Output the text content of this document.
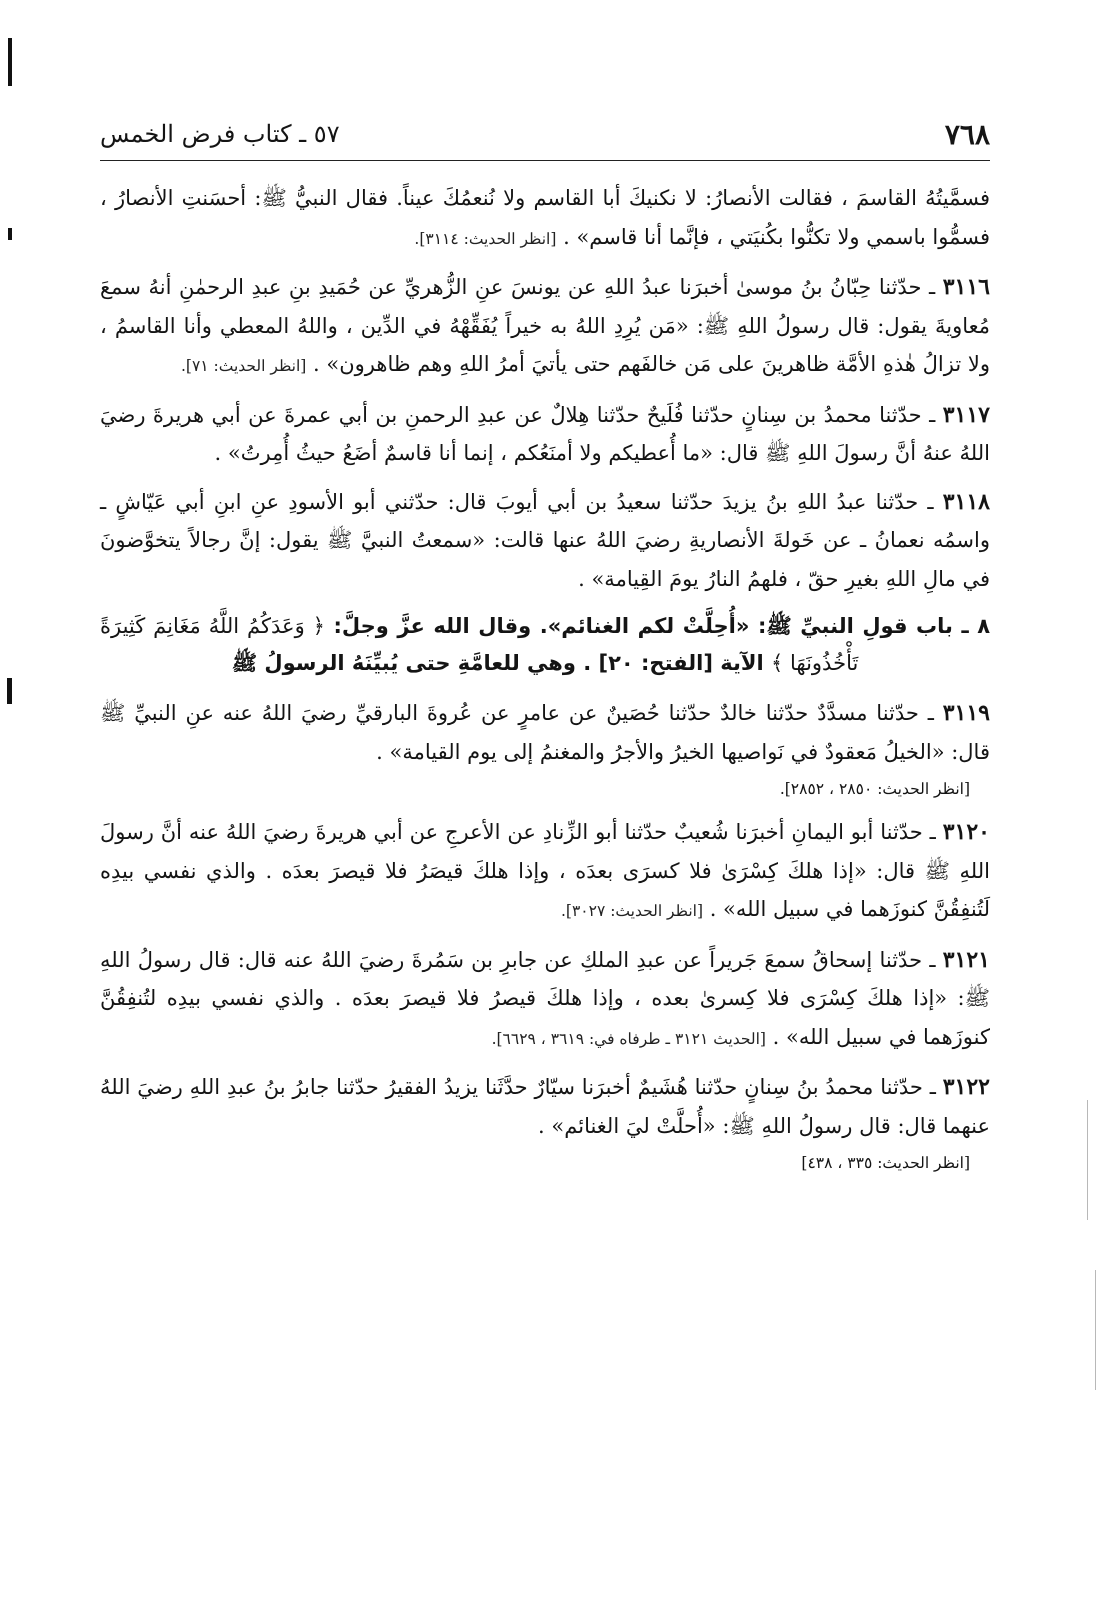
٧٦٨
٥٧ ـ كتاب فرض الخمس

فسمَّيتُهُ القاسمَ ، فقالت الأنصارُ: لا نكنيكَ أبا القاسم ولا نُنعمُكَ عيناً. فقال النبيُّ ﷺ: أحسَنتِ الأنصارُ ، فسمُّوا باسمي ولا تكنُّوا بكُنيَتي ، فإنَّما أنا قاسم» . [انظر الحديث: ٣١١٤].

٣١١٦ ـ حدّثنا حِبّانُ بنُ موسىٰ أخبرَنا عبدُ اللهِ عن يونسَ عنِ الزُّهريِّ عن حُمَيدِ بنِ عبدِ الرحمٰنِ أنهُ سمعَ مُعاويةَ يقول: قال رسولُ اللهِ ﷺ: «مَن يُرِدِ اللهُ به خيراً يُفَقِّهْهُ في الدِّين ، واللهُ المعطي وأنا القاسمُ ، ولا تزالُ هٰذهِ الأمَّة ظاهرينَ على مَن خالفَهم حتى يأتيَ أمرُ اللهِ وهم ظاهرون» . [انظر الحديث: ٧١].

٣١١٧ ـ حدّثنا محمدُ بن سِنانٍ حدّثنا فُلَيحٌ حدّثنا هِلالٌ عن عبدِ الرحمنِ بن أبي عمرةَ عن أبي هريرةَ رضيَ اللهُ عنهُ أنَّ رسولَ اللهِ ﷺ قال: «ما أُعطيكم ولا أمنَعُكم ، إنما أنا قاسمٌ أضَعُ حيثُ أُمِرتُ» .

٣١١٨ ـ حدّثنا عبدُ اللهِ بنُ يزيدَ حدّثنا سعيدُ بن أبي أيوبَ قال: حدّثني أبو الأسودِ عنِ ابنِ أبي عَيّاشٍ ـ واسمُه نعمانُ ـ عن خَولةَ الأنصاريةِ رضيَ اللهُ عنها قالت: «سمعتُ النبيَّ ﷺ يقول: إنَّ رجالاً يتخوَّضونَ في مالِ اللهِ بغيرِ حقّ ، فلهمُ النارُ يومَ القِيامة» .

٨ ـ باب قولِ النبيِّ ﷺ: «أُحِلَّتْ لكم الغنائم». وقال الله عزَّ وجلَّ: ﴿ وَعَدَكُمُ اللَّهُ مَغَانِمَ كَثِيرَةً تَأْخُذُونَهَا ﴾ الآية [الفتح: ٢٠] . وهي للعامَّةِ حتى يُبيِّنَهُ الرسولُ ﷺ

٣١١٩ ـ حدّثنا مسدَّدٌ حدّثنا خالدٌ حدّثنا حُصَينٌ عن عامرٍ عن عُروةَ البارقيِّ رضيَ اللهُ عنه عنِ النبيِّ ﷺ قال: «الخيلُ مَعقودٌ في نَواصيها الخيرُ والأجرُ والمغنمُ إلى يوم القيامة» .

[انظر الحديث: ٢٨٥٠ ، ٢٨٥٢].

٣١٢٠ ـ حدّثنا أبو اليمانِ أخبرَنا شُعيبٌ حدّثنا أبو الزِّنادِ عن الأعرجِ عن أبي هريرةَ رضيَ اللهُ عنه أنَّ رسولَ اللهِ ﷺ قال: «إذا هلكَ كِسْرَىٰ فلا كسرَى بعدَه ، وإذا هلكَ قيصَرُ فلا قيصرَ بعدَه . والذي نفسي بيدِه لَتُنفِقُنَّ كنوزَهما في سبيل الله» . [انظر الحديث: ٣٠٢٧].

٣١٢١ ـ حدّثنا إسحاقُ سمعَ جَريراً عن عبدِ الملكِ عن جابرِ بن سَمُرةَ رضيَ اللهُ عنه قال: قال رسولُ اللهِ ﷺ: «إذا هلكَ كِسْرَى فلا كِسرىٰ بعده ، وإذا هلكَ قيصرُ فلا قيصرَ بعدَه . والذي نفسي بيدِه لتُنفِقُنَّ كنوزَهما في سبيل الله» . [الحديث ٣١٢١ ـ طرفاه في: ٣٦١٩ ، ٦٦٢٩].

٣١٢٢ ـ حدّثنا محمدُ بنُ سِنانٍ حدّثنا هُشَيمٌ أخبرَنا سيّارٌ حدَّثَنا يزيدُ الفقيرُ حدّثنا جابرُ بنُ عبدِ اللهِ رضيَ اللهُ عنهما قال: قال رسولُ اللهِ ﷺ: «أُحلَّتْ ليَ الغنائم» .

[انظر الحديث: ٣٣٥ ، ٤٣٨]
